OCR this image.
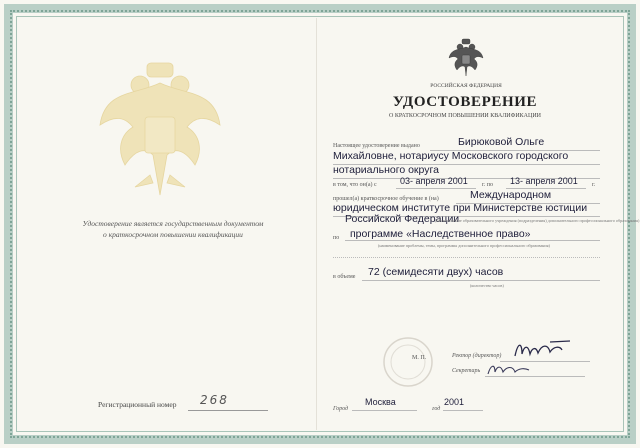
Удостоверение является государственным документом
о краткосрочном повышении квалификации
Регистрационный номер 268
РОССИЙСКАЯ ФЕДЕРАЦИЯ
УДОСТОВЕРЕНИЕ
О КРАТКОСРОЧНОМ ПОВЫШЕНИИ КВАЛИФИКАЦИИ
Настоящее удостоверение выдано	Бирюковой Ольге
Михайловне, нотариусу Московского городского
нотариального округа
в том, что он(а) с	03- апреля 2001 г. по 13- апреля 2001 г.
прошел(а) краткосрочное обучение в (на)	Международном
юридическом институте при Министерстве юстиции
Российской Федерации
(наименование образовательного учреждения (подразделения) дополнительного профессионального образования)
по программе «Наследственное право»
(наименование проблемы, темы, программы дополнительного профессионального образования)
в объеме 72 (семидесяти двух) часов
(количество часов)
М. П.	Ректор (директор)
Секретарь
Город
Москва
год
2001
